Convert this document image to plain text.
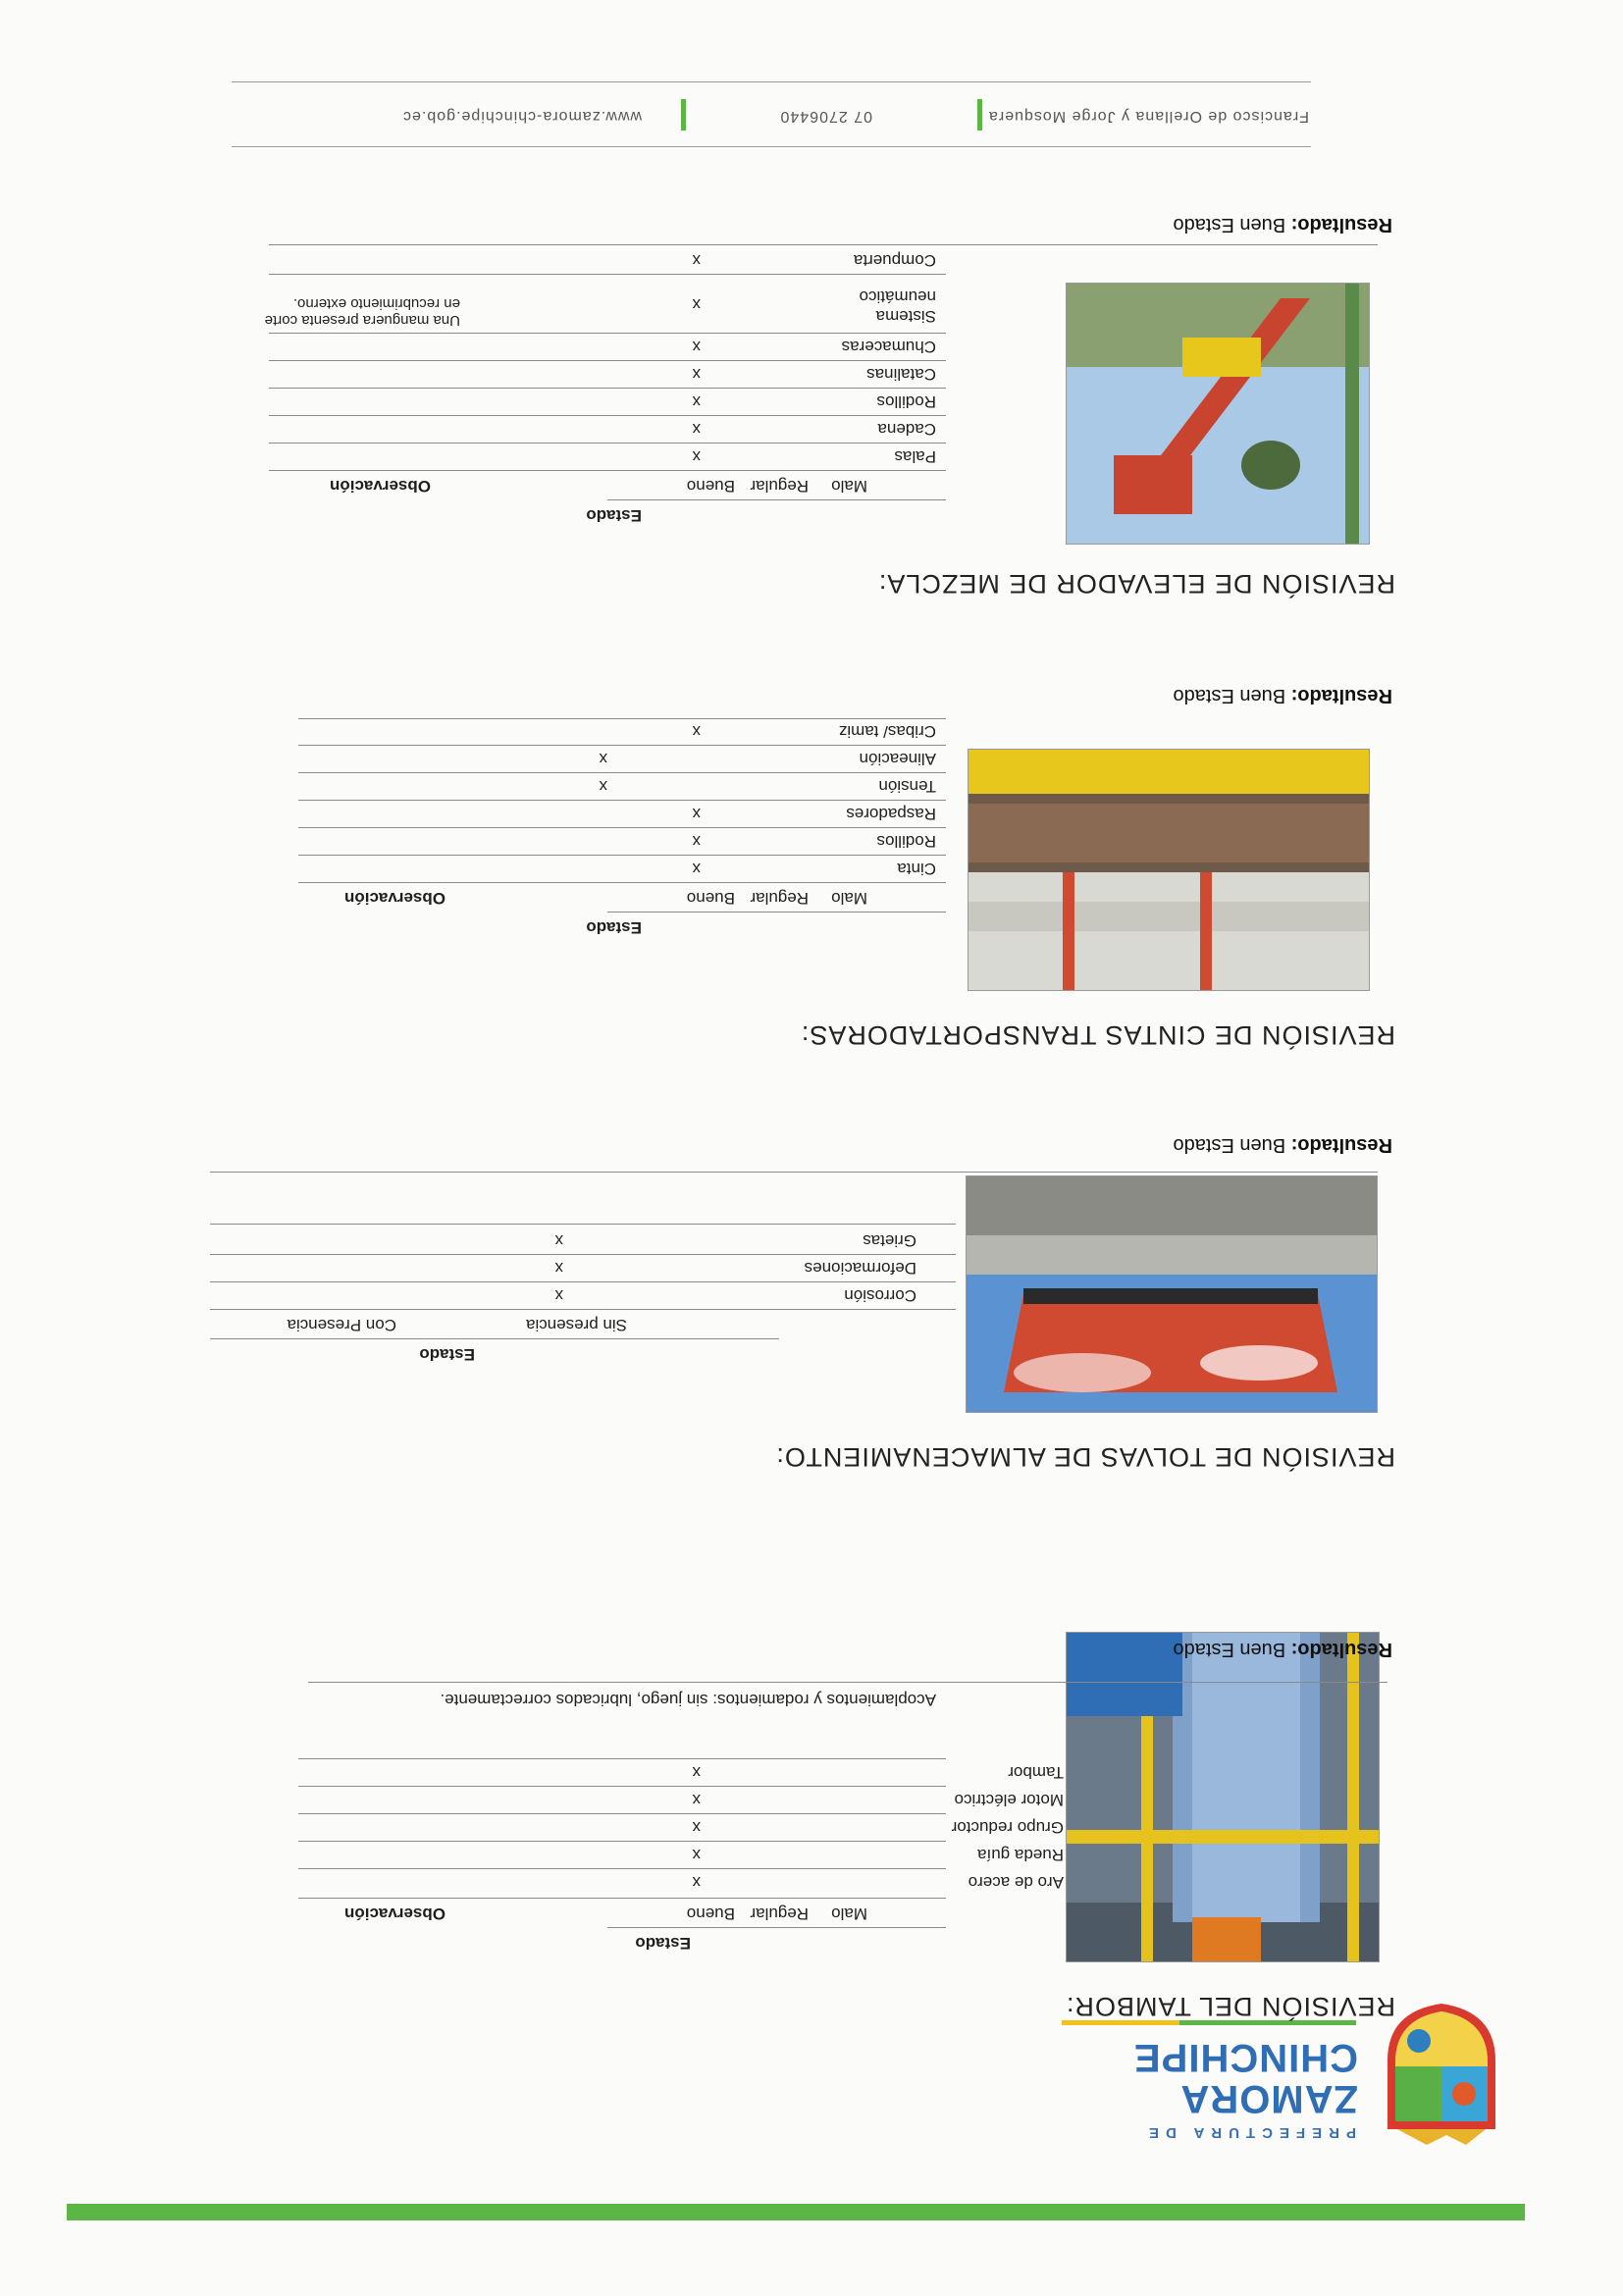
PREFECTURA DE
ZAMORA
CHINCHIPE
REVISIÓN DEL TAMBOR:
Estado
Bueno Regular Malo
Observación
Aro de acero
x
Rueda guía
x
Grupo reductor
x
Motor eléctrico
x
Tambor
x
Acoplamientos y rodamientos: sin juego, lubricados correctamente.
Resultado: Buen Estado
REVISIÓN DE TOLVAS DE ALMACENAMIENTO:
Estado
Sin presencia
Con Presencia
Corrosión
x
Deformaciones
x
Grietas
x
Resultado: Buen Estado
REVISIÓN DE CINTAS TRANSPORTADORAS:
Estado
Bueno Regular Malo
Observación
Cinta
x
Rodillos
x
Raspadores
x
Tensión
x
Alineación
x
Cribas/ tamiz
x
Resultado: Buen Estado
REVISIÓN DE ELEVADOR DE MEZCLA:
Estado
Bueno Regular Malo
Observación
Palas
x
Cadena
x
Rodillos
x
Catalinas
x
Chumaceras
x
Sistema neumático
x
Una manguera presenta corte en recubrimiento externo.
Compuerta
x
Resultado: Buen Estado
Francisco de Orellana y Jorge Mosquera
07 2706440
www.zamora-chinchipe.gob.ec
